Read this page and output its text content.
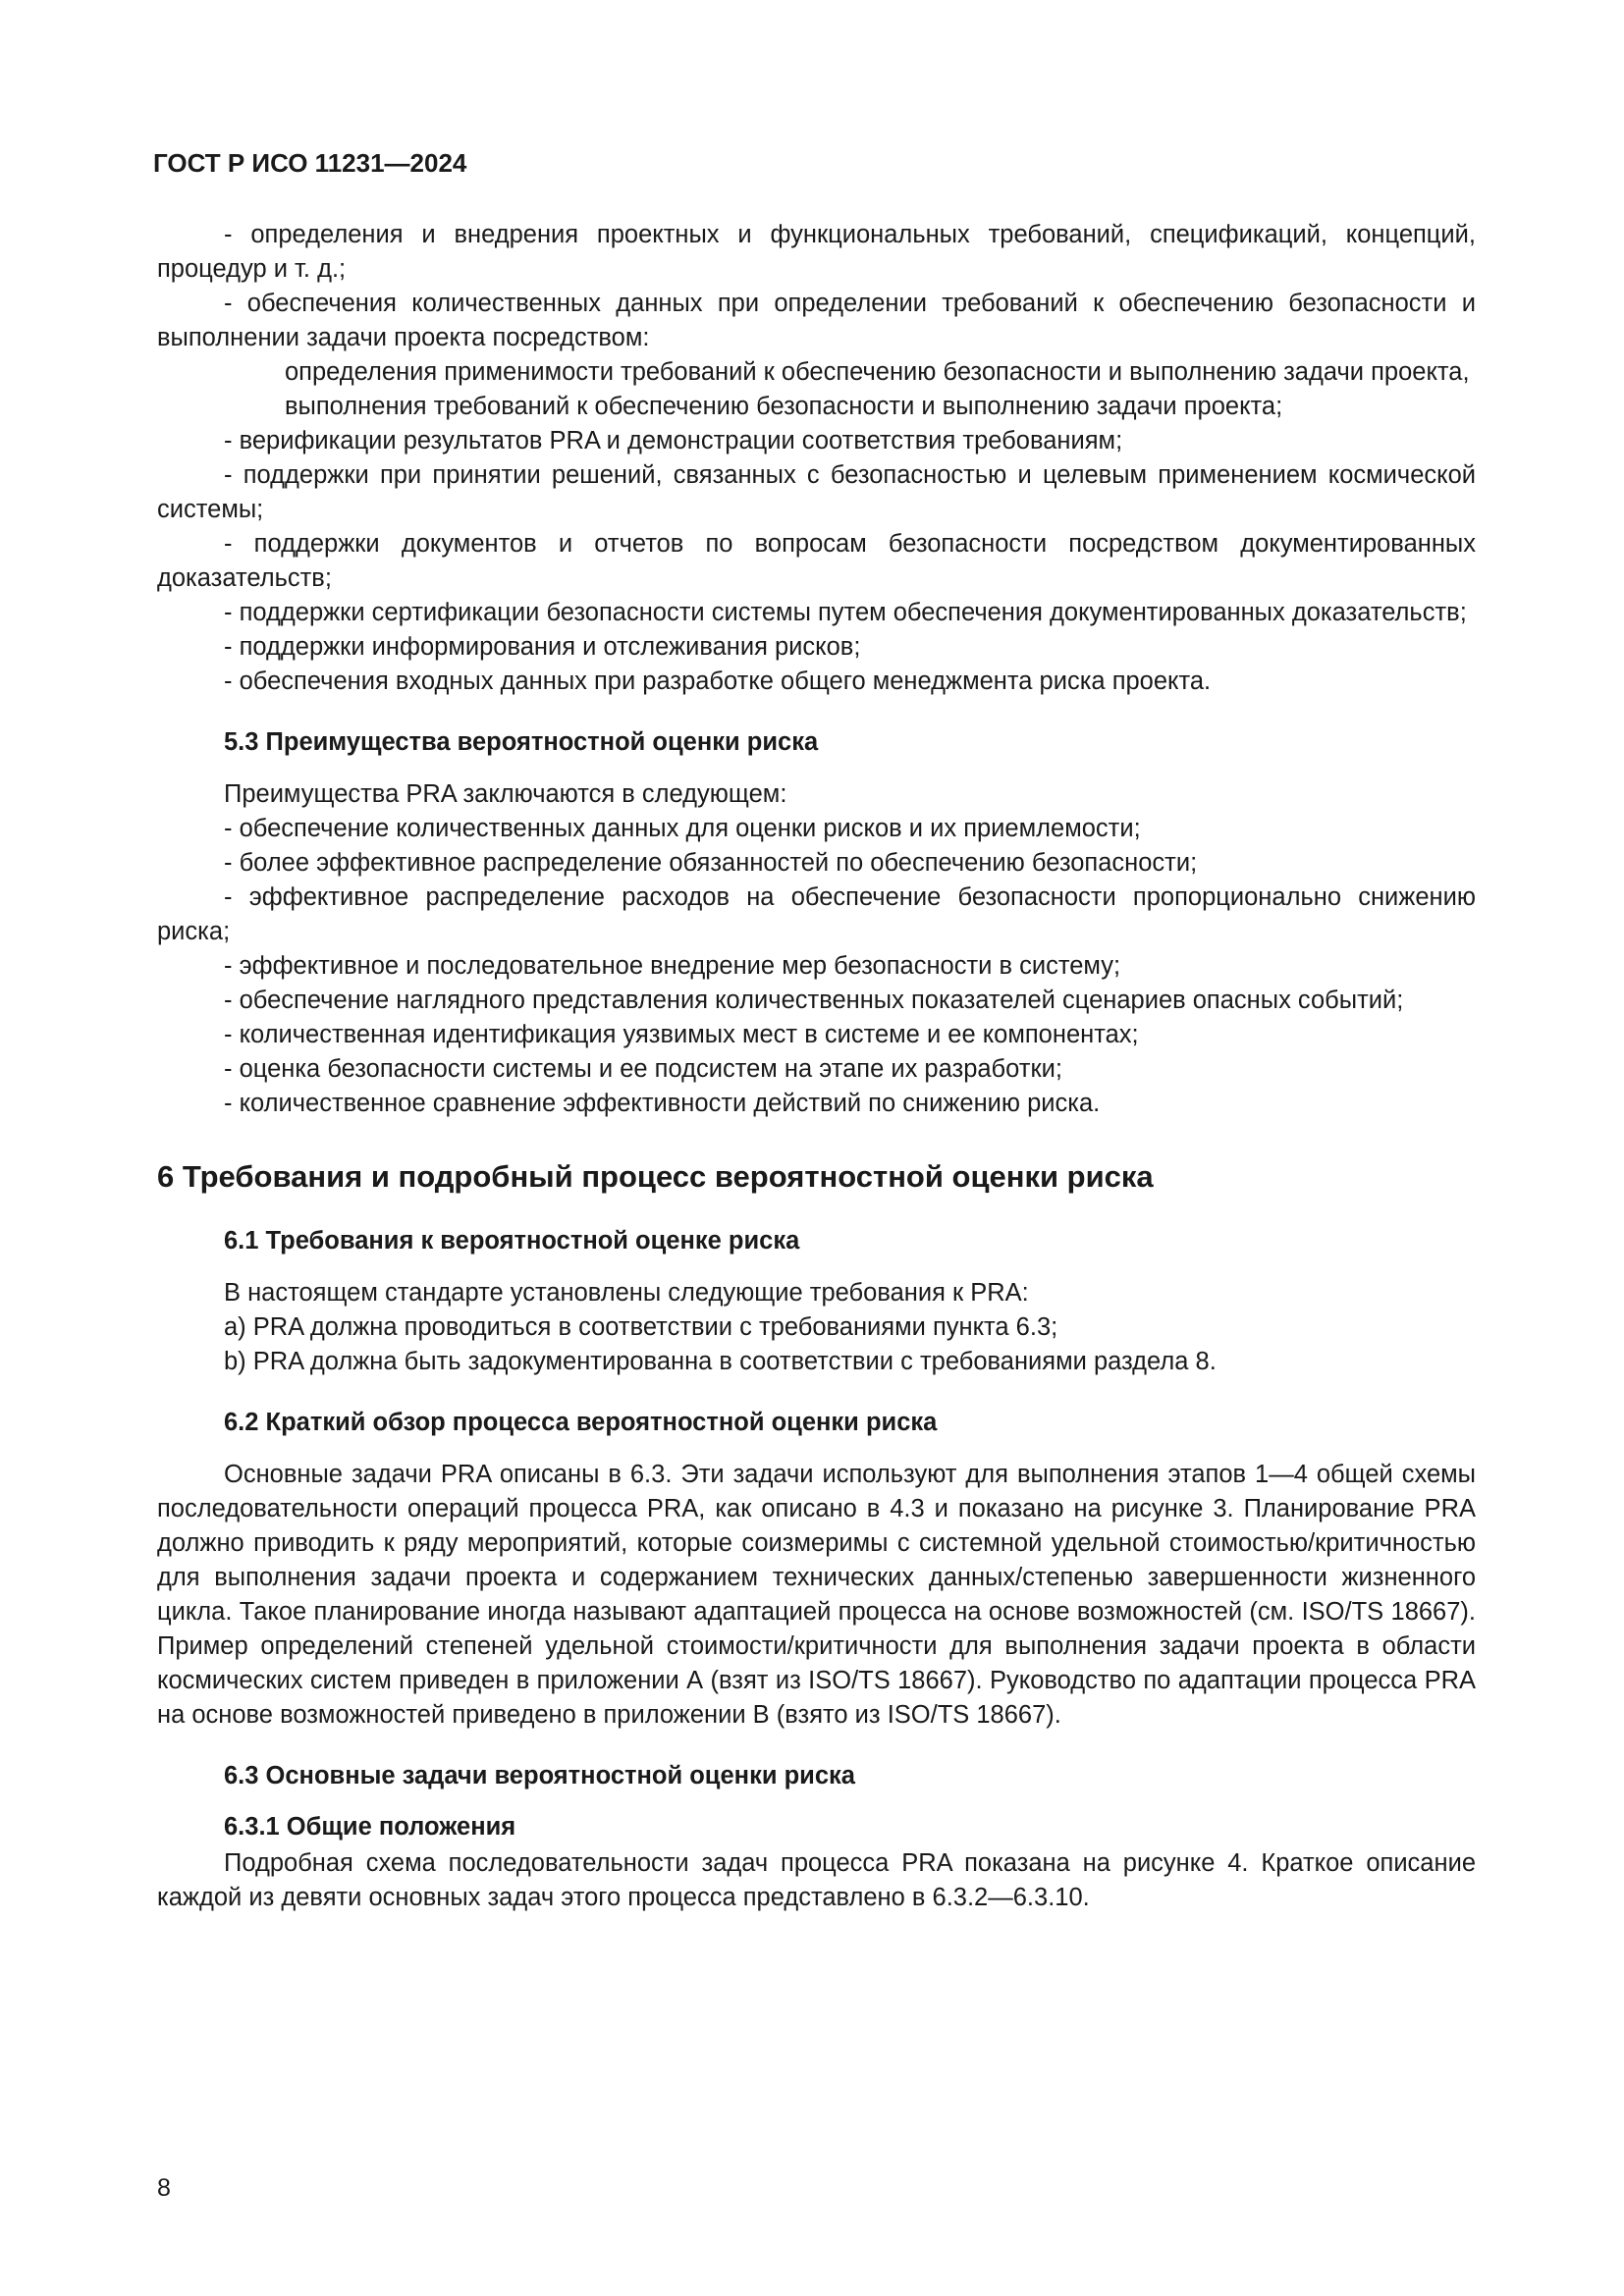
ГОСТ Р ИСО 11231—2024

- определения и внедрения проектных и функциональных требований, спецификаций, концепций, процедур и т. д.;

- обеспечения количественных данных при определении требований к обеспечению безопасности и выполнении задачи проекта посредством:

определения применимости требований к обеспечению безопасности и выполнению задачи проекта,

выполнения требований к обеспечению безопасности и выполнению задачи проекта;

- верификации результатов PRA и демонстрации соответствия требованиям;

- поддержки при принятии решений, связанных с безопасностью и целевым применением космической системы;

- поддержки документов и отчетов по вопросам безопасности посредством документированных доказательств;

- поддержки сертификации безопасности системы путем обеспечения документированных доказательств;

- поддержки информирования и отслеживания рисков;

- обеспечения входных данных при разработке общего менеджмента риска проекта.

5.3 Преимущества вероятностной оценки риска

Преимущества PRA заключаются в следующем:

- обеспечение количественных данных для оценки рисков и их приемлемости;

- более эффективное распределение обязанностей по обеспечению безопасности;

- эффективное распределение расходов на обеспечение безопасности пропорционально снижению риска;

- эффективное и последовательное внедрение мер безопасности в систему;

- обеспечение наглядного представления количественных показателей сценариев опасных событий;

- количественная идентификация уязвимых мест в системе и ее компонентах;

- оценка безопасности системы и ее подсистем на этапе их разработки;

- количественное сравнение эффективности действий по снижению риска.

6 Требования и подробный процесс вероятностной оценки риска
6.1 Требования к вероятностной оценке риска

В настоящем стандарте установлены следующие требования к PRA:

a) PRA должна проводиться в соответствии с требованиями пункта 6.3;

b) PRA должна быть задокументированна в соответствии с требованиями раздела 8.

6.2 Краткий обзор процесса вероятностной оценки риска

Основные задачи PRA описаны в 6.3. Эти задачи используют для выполнения этапов 1—4 общей схемы последовательности операций процесса PRA, как описано в 4.3 и показано на рисунке 3. Планирование PRA должно приводить к ряду мероприятий, которые соизмеримы с системной удельной стоимостью/критичностью для выполнения задачи проекта и содержанием технических данных/степенью завершенности жизненного цикла. Такое планирование иногда называют адаптацией процесса на основе возможностей (см. ISO/TS 18667). Пример определений степеней удельной стоимости/критичности для выполнения задачи проекта в области космических систем приведен в приложении А (взят из ISO/TS 18667). Руководство по адаптации процесса PRA на основе возможностей приведено в приложении В (взято из ISO/TS 18667).

6.3 Основные задачи вероятностной оценки риска
6.3.1 Общие положения

Подробная схема последовательности задач процесса PRA показана на рисунке 4. Краткое описание каждой из девяти основных задач этого процесса представлено в 6.3.2—6.3.10.

8
